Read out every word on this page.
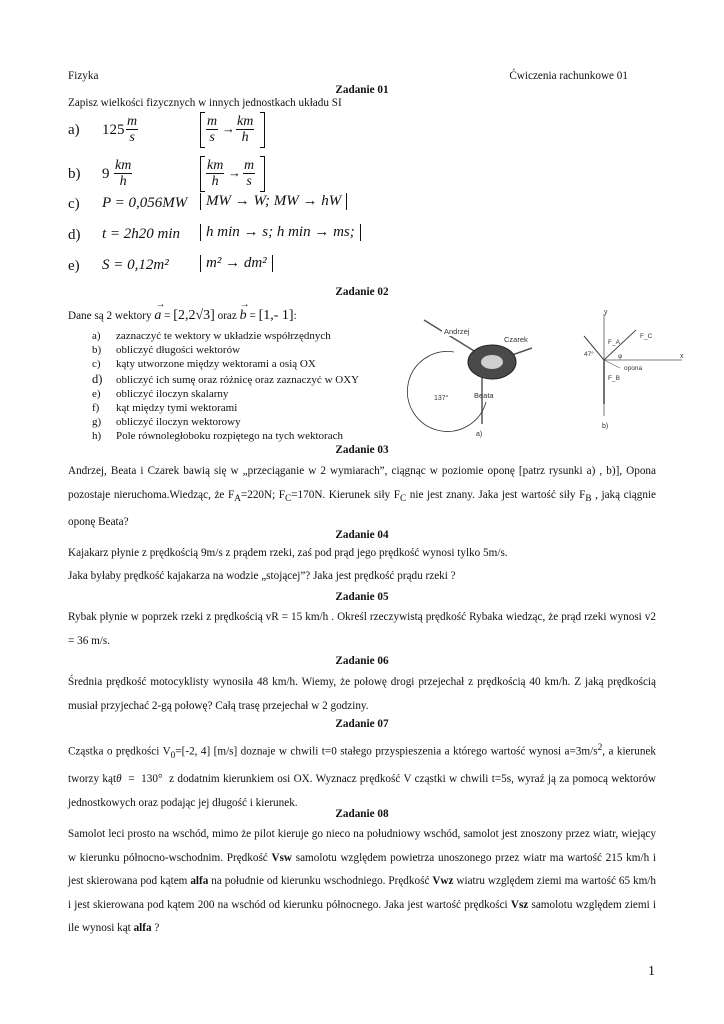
Fizyka	Ćwiczenia rachunkowe 01
Zadanie 01
Zapisz wielkości fizycznych w innych jednostkach układu SI
a) $125 \frac{m}{s}$	$\frac{m}{s} \to \frac{km}{h}$
b) $9 \frac{km}{h}$	$\frac{km}{h} \to \frac{m}{s}$
c) P = 0,056MW	MW → W; MW → hW
d) t = 2h20 min	h min → s; h min → ms;
e) S = 0,12m²	m² → dm²
Zadanie 02
Dane są 2 wektory
→
a = [2,2√3] oraz
→
b = [1,- 1]:
a) zaznaczyć te wektory w układzie współrzędnych
b) obliczyć długości wektorów
c) kąty utworzone między wektorami a osią OX
d) obliczyć ich sumę oraz różnicę oraz zaznaczyć w OXY
e) obliczyć iloczyn skalarny
f) kąt między tymi wektorami
g) obliczyć iloczyn wektorowy
h) Pole równoległoboku rozpiętego na tych wektorach
Andrzej
Czarek
Beata
137°
a)
y
x
F_A
F_C
F_B
47°	φ
opona
b)
Zadanie 03
Andrzej, Beata i Czarek bawią się w „przeciąganie w 2 wymiarach”, ciągnąc w poziomie oponę [patrz rysunki a) , b)], Opona pozostaje nieruchoma.Wiedząc, że $F_A=220N$; $F_C=170N$. Kierunek siły $F_C$ nie jest znany. Jaka jest wartość siły $F_B$ , jaką ciągnie oponę Beata?
Zadanie 04
Kajakarz płynie z prędkością 9m/s z prądem rzeki, zaś pod prąd jego prędkość wynosi tylko 5m/s.
Jaka byłaby prędkość kajakarza na wodzie „stojącej”? Jaka jest prędkość prądu rzeki ?
Zadanie 05
Rybak płynie w poprzek rzeki z prędkością vR = 15 km/h . Określ rzeczywistą prędkość Rybaka wiedząc, że prąd rzeki wynosi v2 = 36 m/s.
Zadanie 06
Średnia prędkość motocyklisty wynosiła 48 km/h. Wiemy, że połowę drogi przejechał z prędkością 40 km/h. Z jaką prędkością musiał przyjechać 2-gą połowę? Całą trasę przejechał w 2 godziny.
Zadanie 07
Cząstka o prędkości $V_0=[-2$, 4] [m/s] doznaje w chwili t=0 stałego przyspieszenia a którego wartość wynosi $a=3m/s^2$, a kierunek tworzy kątθ  =  130°  z dodatnim kierunkiem osi OX. Wyznacz prędkość V cząstki w chwili t=5s, wyraź ją za pomocą wektorów jednostkowych oraz podając jej długość i kierunek.
Zadanie 08
Samolot leci prosto na wschód, mimo że pilot kieruje go nieco na południowy wschód, samolot jest znoszony przez wiatr, wiejący w kierunku północno-wschodnim. Prędkość Vsw samolotu względem powietrza unoszonego przez wiatr ma wartość 215 km/h i jest skierowana pod kątem alfa na południe od kierunku wschodniego. Prędkość Vwz wiatru względem ziemi ma wartość 65 km/h i jest skierowana pod kątem 200 na wschód od kierunku północnego. Jaka jest wartość prędkości Vsz samolotu względem ziemi i ile wynosi kąt alfa ?
1
